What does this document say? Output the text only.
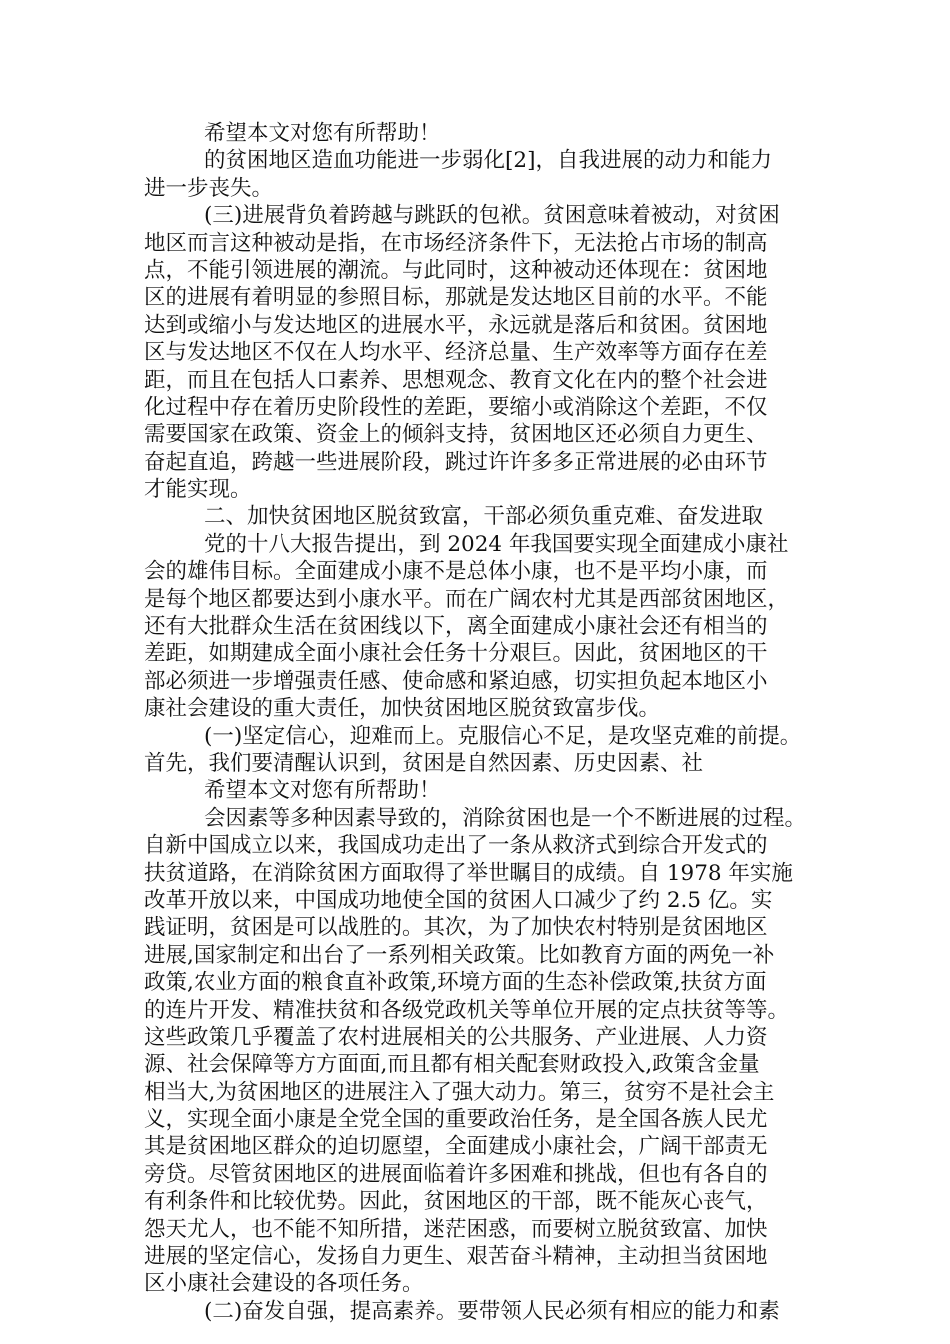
希望本文对您有所帮助！
的贫困地区造血功能进一步弱化[2]，自我进展的动力和能力
进一步丧失。
(三)进展背负着跨越与跳跃的包袱。贫困意味着被动，对贫困
地区而言这种被动是指，在市场经济条件下，无法抢占市场的制高
点，不能引领进展的潮流。与此同时，这种被动还体现在：贫困地
区的进展有着明显的参照目标，那就是发达地区目前的水平。不能
达到或缩小与发达地区的进展水平，永远就是落后和贫困。贫困地
区与发达地区不仅在人均水平、经济总量、生产效率等方面存在差
距，而且在包括人口素养、思想观念、教育文化在内的整个社会进
化过程中存在着历史阶段性的差距，要缩小或消除这个差距，不仅
需要国家在政策、资金上的倾斜支持，贫困地区还必须自力更生、
奋起直追，跨越一些进展阶段，跳过许许多多正常进展的必由环节
才能实现。
二、加快贫困地区脱贫致富，干部必须负重克难、奋发进取
党的十八大报告提出，到 2024 年我国要实现全面建成小康社
会的雄伟目标。全面建成小康不是总体小康，也不是平均小康，而
是每个地区都要达到小康水平。而在广阔农村尤其是西部贫困地区，
还有大批群众生活在贫困线以下，离全面建成小康社会还有相当的
差距，如期建成全面小康社会任务十分艰巨。因此，贫困地区的干
部必须进一步增强责任感、使命感和紧迫感，切实担负起本地区小
康社会建设的重大责任，加快贫困地区脱贫致富步伐。
(一)坚定信心，迎难而上。克服信心不足，是攻坚克难的前提。
首先，我们要清醒认识到，贫困是自然因素、历史因素、社
希望本文对您有所帮助！
会因素等多种因素导致的，消除贫困也是一个不断进展的过程。
自新中国成立以来，我国成功走出了一条从救济式到综合开发式的
扶贫道路，在消除贫困方面取得了举世瞩目的成绩。自 1978 年实施
改革开放以来，中国成功地使全国的贫困人口减少了约 2.5 亿。实
践证明，贫困是可以战胜的。其次，为了加快农村特别是贫困地区
进展,国家制定和出台了一系列相关政策。比如教育方面的两免一补
政策,农业方面的粮食直补政策,环境方面的生态补偿政策,扶贫方面
的连片开发、精准扶贫和各级党政机关等单位开展的定点扶贫等等。
这些政策几乎覆盖了农村进展相关的公共服务、产业进展、人力资
源、社会保障等方方面面,而且都有相关配套财政投入,政策含金量
相当大,为贫困地区的进展注入了强大动力。第三，贫穷不是社会主
义，实现全面小康是全党全国的重要政治任务，是全国各族人民尤
其是贫困地区群众的迫切愿望，全面建成小康社会，广阔干部责无
旁贷。尽管贫困地区的进展面临着许多困难和挑战，但也有各自的
有利条件和比较优势。因此，贫困地区的干部，既不能灰心丧气，
怨天尤人，也不能不知所措，迷茫困惑，而要树立脱贫致富、加快
进展的坚定信心，发扬自力更生、艰苦奋斗精神，主动担当贫困地
区小康社会建设的各项任务。
(二)奋发自强，提高素养。要带领人民必须有相应的能力和素
